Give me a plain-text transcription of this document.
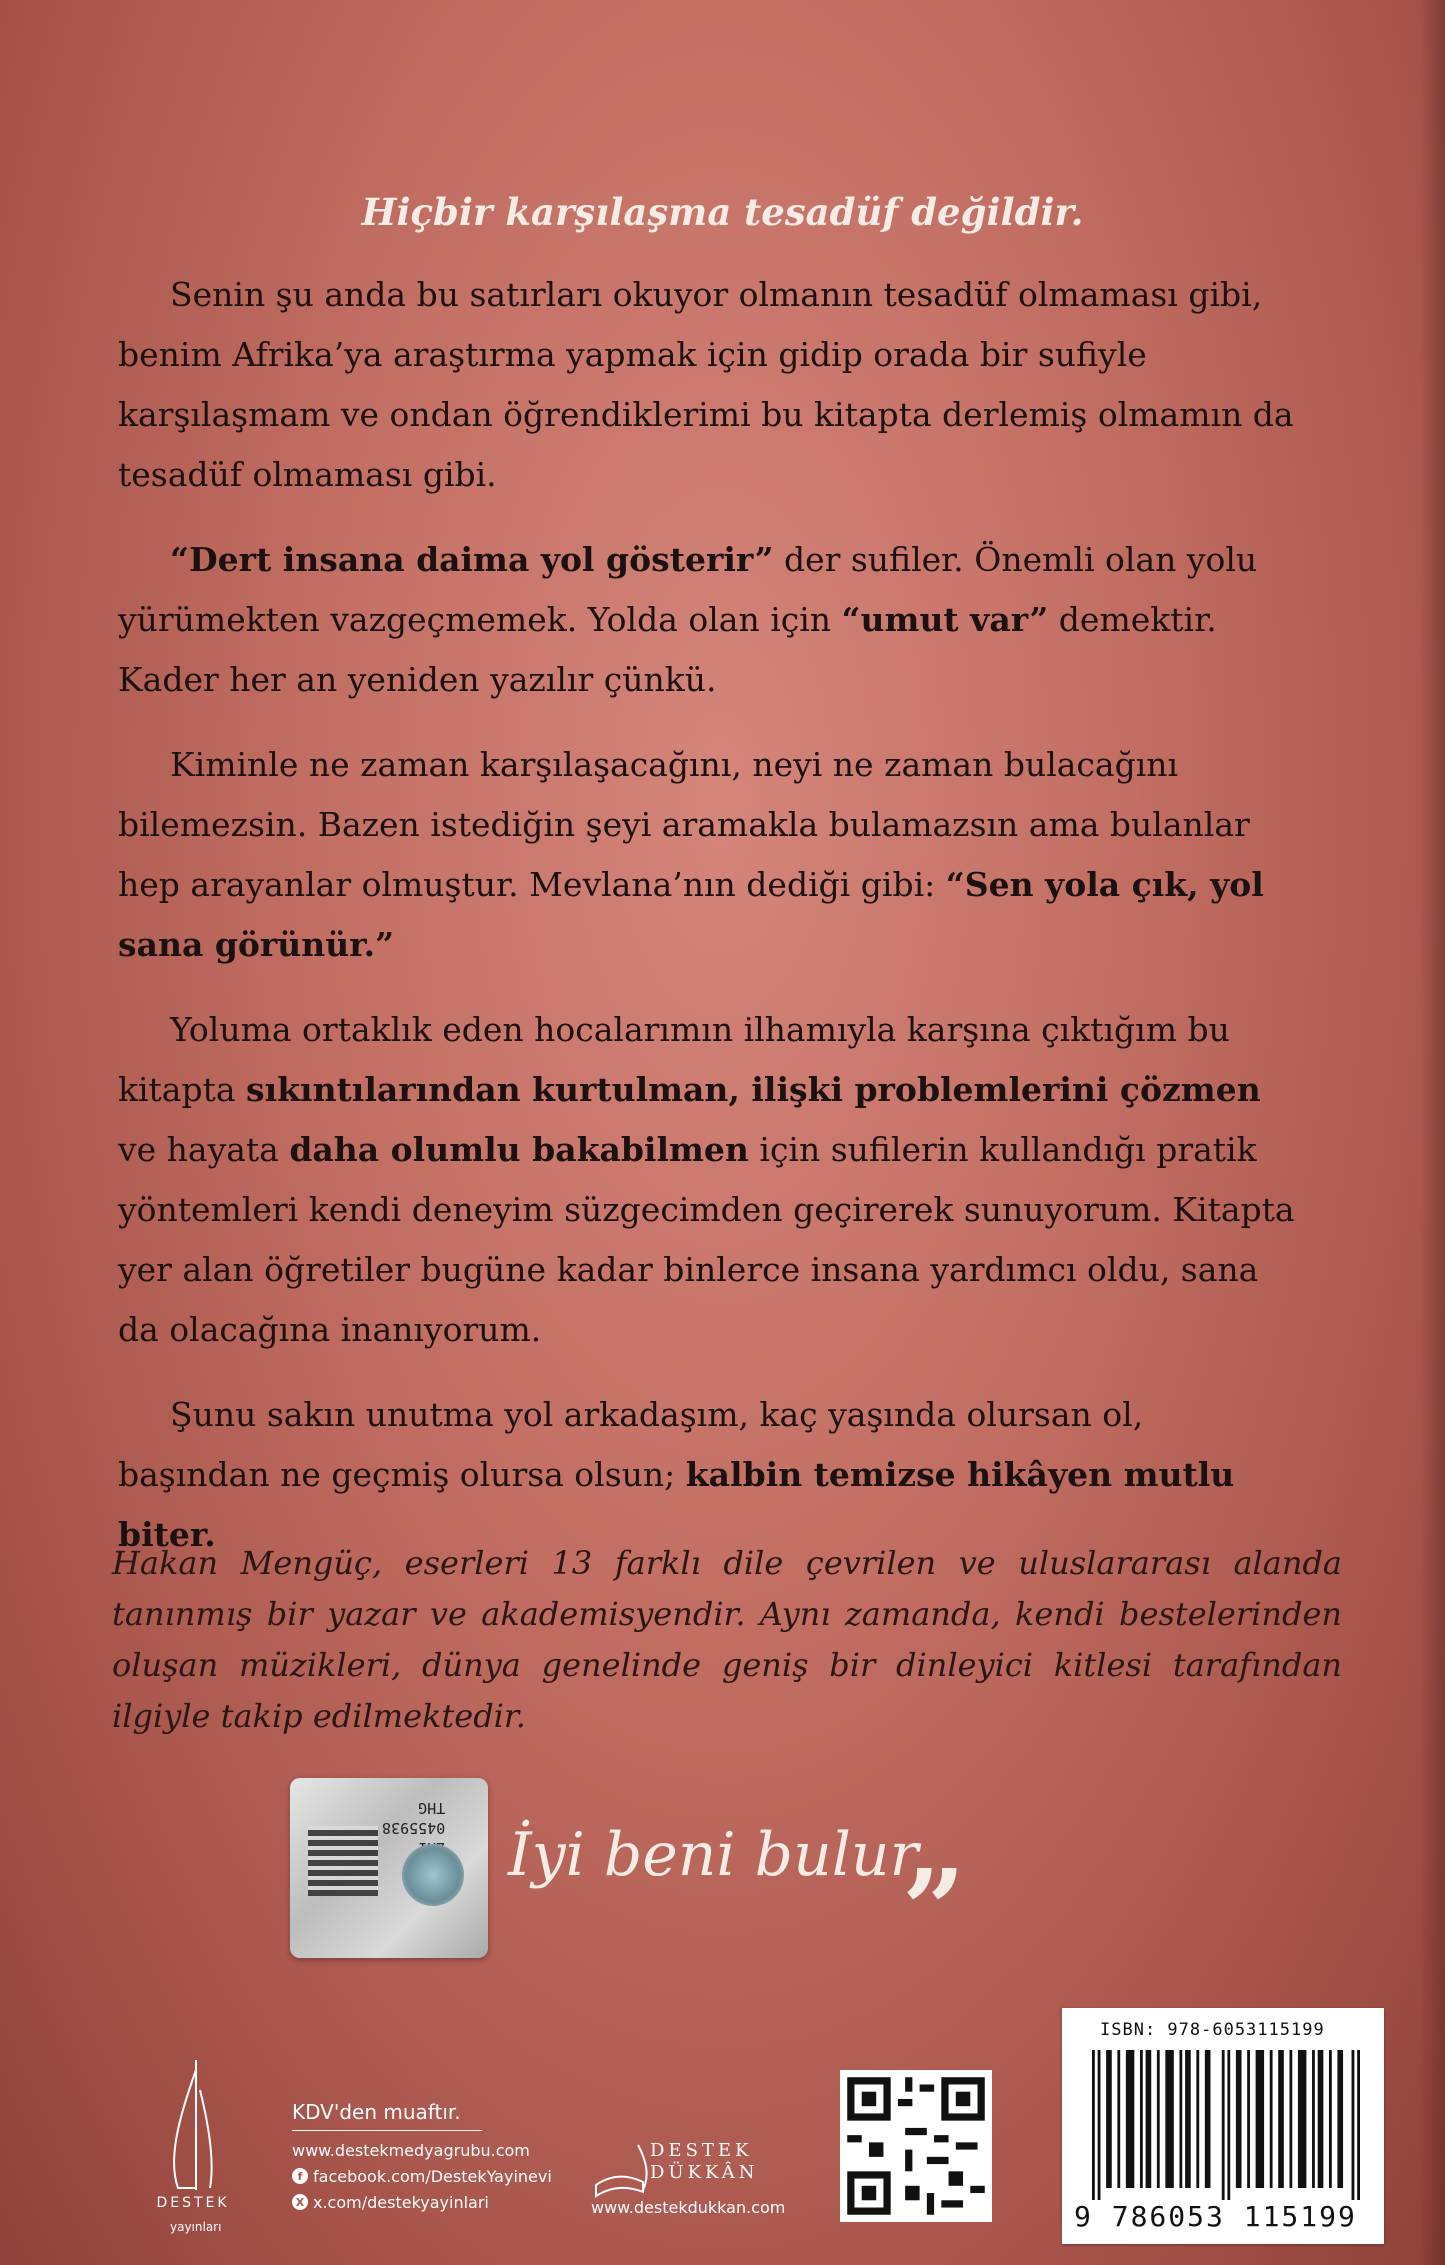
Hiçbir karşılaşma tesadüf değildir.

Senin şu anda bu satırları okuyor olmanın tesadüf olmaması gibi, benim Afrika’ya araştırma yapmak için gidip orada bir sufiyle karşılaşmam ve ondan öğrendiklerimi bu kitapta derlemiş olmamın da tesadüf olmaması gibi.

“Dert insana daima yol gösterir” der sufiler. Önemli olan yolu yürümekten vazgeçmemek. Yolda olan için “umut var” demektir. Kader her an yeniden yazılır çünkü.

Kiminle ne zaman karşılaşacağını, neyi ne zaman bulacağını bilemezsin. Bazen istediğin şeyi aramakla bulamazsın ama bulanlar hep arayanlar olmuştur. Mevlana’nın dediği gibi: “Sen yola çık, yol sana görünür.”

Yoluma ortaklık eden hocalarımın ilhamıyla karşına çıktığım bu kitapta sıkıntılarından kurtulman, ilişki problemlerini çözmen ve hayata daha olumlu bakabilmen için sufilerin kullandığı pratik yöntemleri kendi deneyim süzgecimden geçirerek sunuyorum. Kitapta yer alan öğretiler bugüne kadar binlerce insana yardımcı oldu, sana da olacağına inanıyorum.

Şunu sakın unutma yol arkadaşım, kaç yaşında olursan ol, başından ne geçmiş olursa olsun; kalbin temizse hikâyen mutlu biter.

Hakan Mengüç, eserleri 13 farklı dile çevrilen ve uluslararası alanda tanınmış bir yazar ve akademisyendir. Aynı zamanda, kendi bestelerinden oluşan müzikleri, dünya genelinde geniş bir dinleyici kitlesi tarafından ilgiyle takip edilmektedir.
0455938
THG
İyi beni bulur.
”
DESTEK
yayınları
KDV'den muaftır.
www.destekmedyagrubu.com
f facebook.com/DestekYayinevi
X x.com/destekyayinlari
DESTEK
DÜKKÂN
www.destekdukkan.com
ISBN: 978-6053115199
9 786053 115199
